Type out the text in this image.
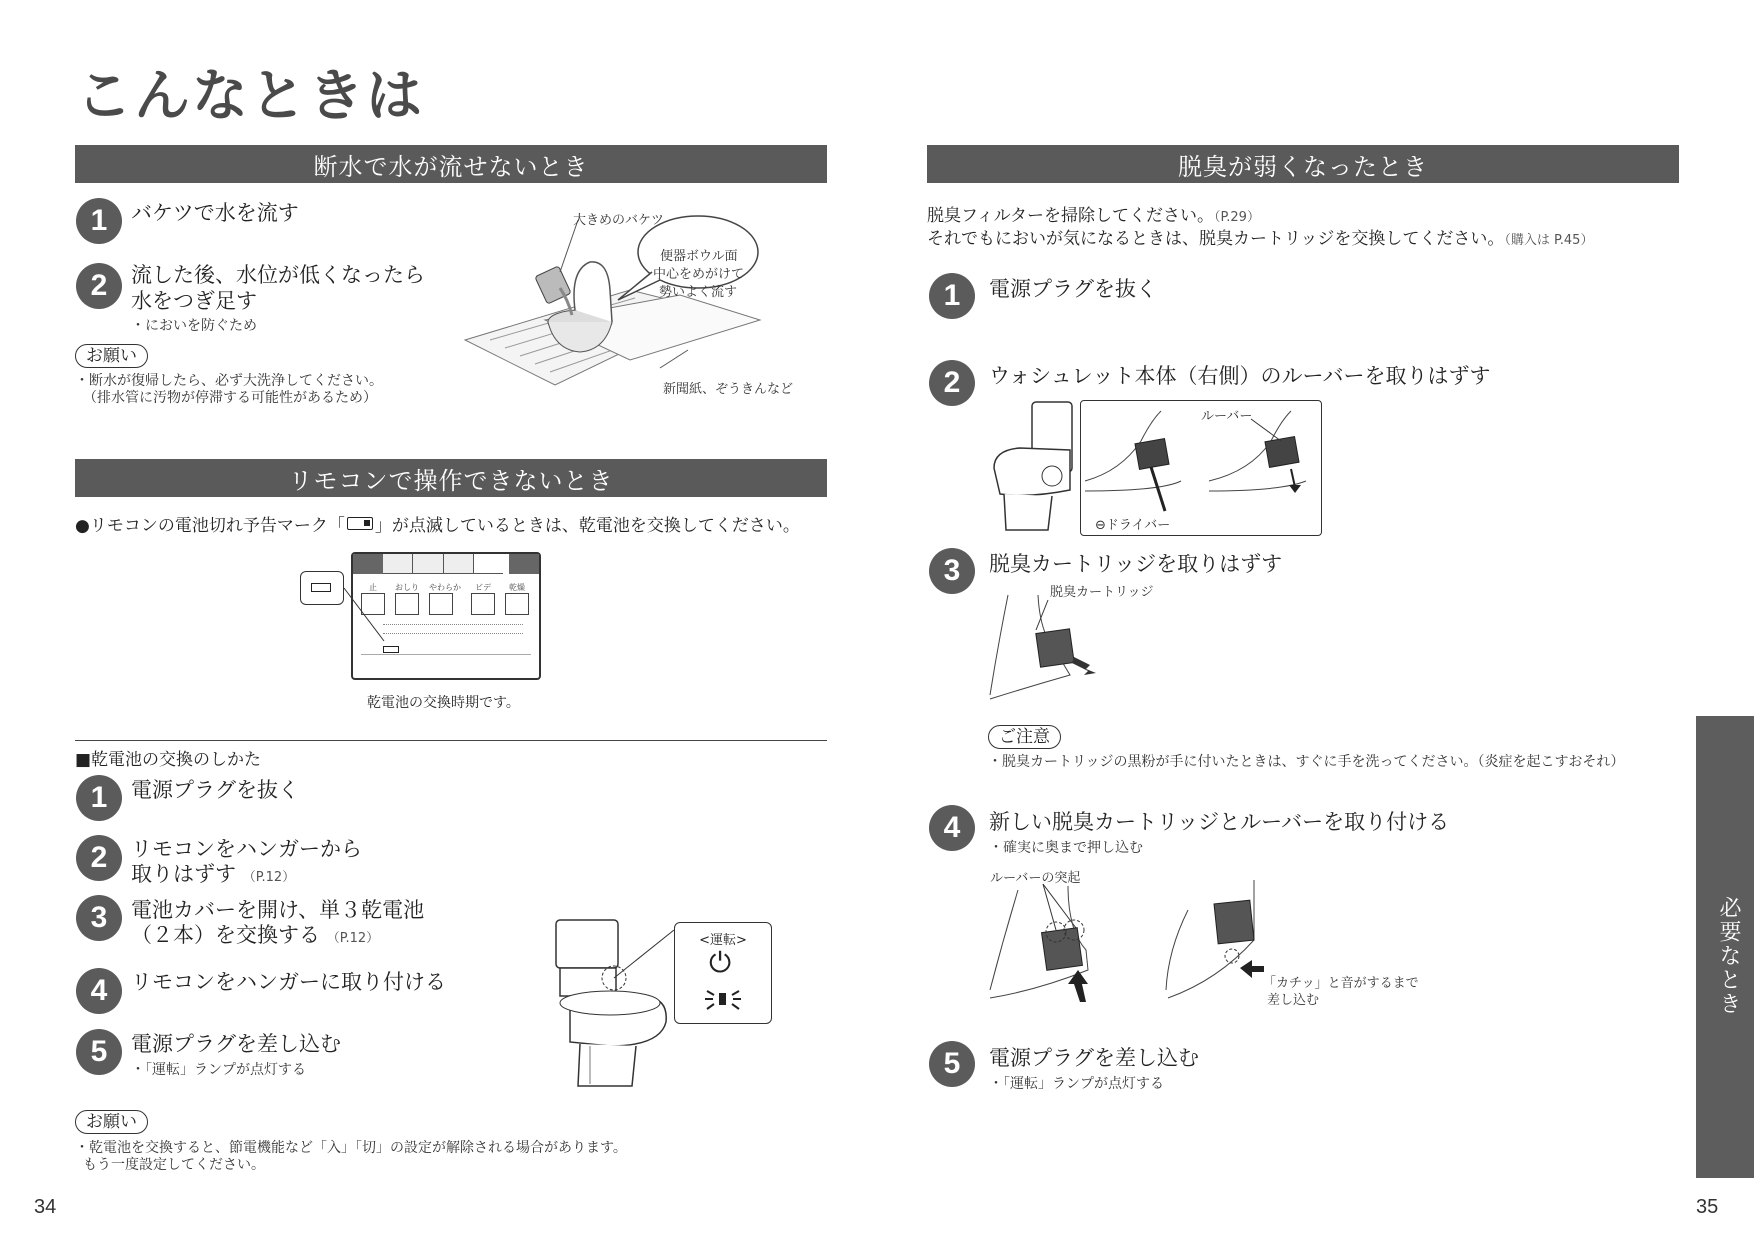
こんなときは
断水で水が流せないとき
1	バケツで水を流す
2	流した後、水位が低くなったら
水をつぎ足す
・においを防ぐため
お願い
・断水が復帰したら、必ず大洗浄してください。
（排水管に汚物が停滞する可能性があるため）
大きめのバケツ
便器ボウル面
中心をめがけて
勢いよく流す
新聞紙、ぞうきんなど
リモコンで操作できないとき
●リモコンの電池切れ予告マーク「 」が点滅しているときは、乾電池を交換してください。
止	おしり やわらか	ビデ	乾燥
乾電池の交換時期です。
■乾電池の交換のしかた
1	電源プラグを抜く
2	リモコンをハンガーから
取りはずす （P.12）
3	電池カバーを開け、単３乾電池
（２本）を交換する （P.12）
4	リモコンをハンガーに取り付ける
5	電源プラグを差し込む
・「運転」ランプが点灯する
<運転>
⏻
お願い
・乾電池を交換すると、節電機能など「入」「切」の設定が解除される場合があります。
もう一度設定してください。
34
脱臭が弱くなったとき
脱臭フィルターを掃除してください。（P.29）
それでもにおいが気になるときは、脱臭カートリッジを交換してください。（購入は P.45）
1	電源プラグを抜く
2	ウォシュレット本体（右側）のルーバーを取りはずす
ルーバー
⊖ドライバー
3	脱臭カートリッジを取りはずす
脱臭カートリッジ
ご注意
・脱臭カートリッジの黒粉が手に付いたときは、すぐに手を洗ってください。（炎症を起こすおそれ）
4	新しい脱臭カートリッジとルーバーを取り付ける
・確実に奥まで押し込む
ルーバーの突起
「カチッ」と音がするまで
差し込む
5	電源プラグを差し込む
・「運転」ランプが点灯する
必要なとき
35
